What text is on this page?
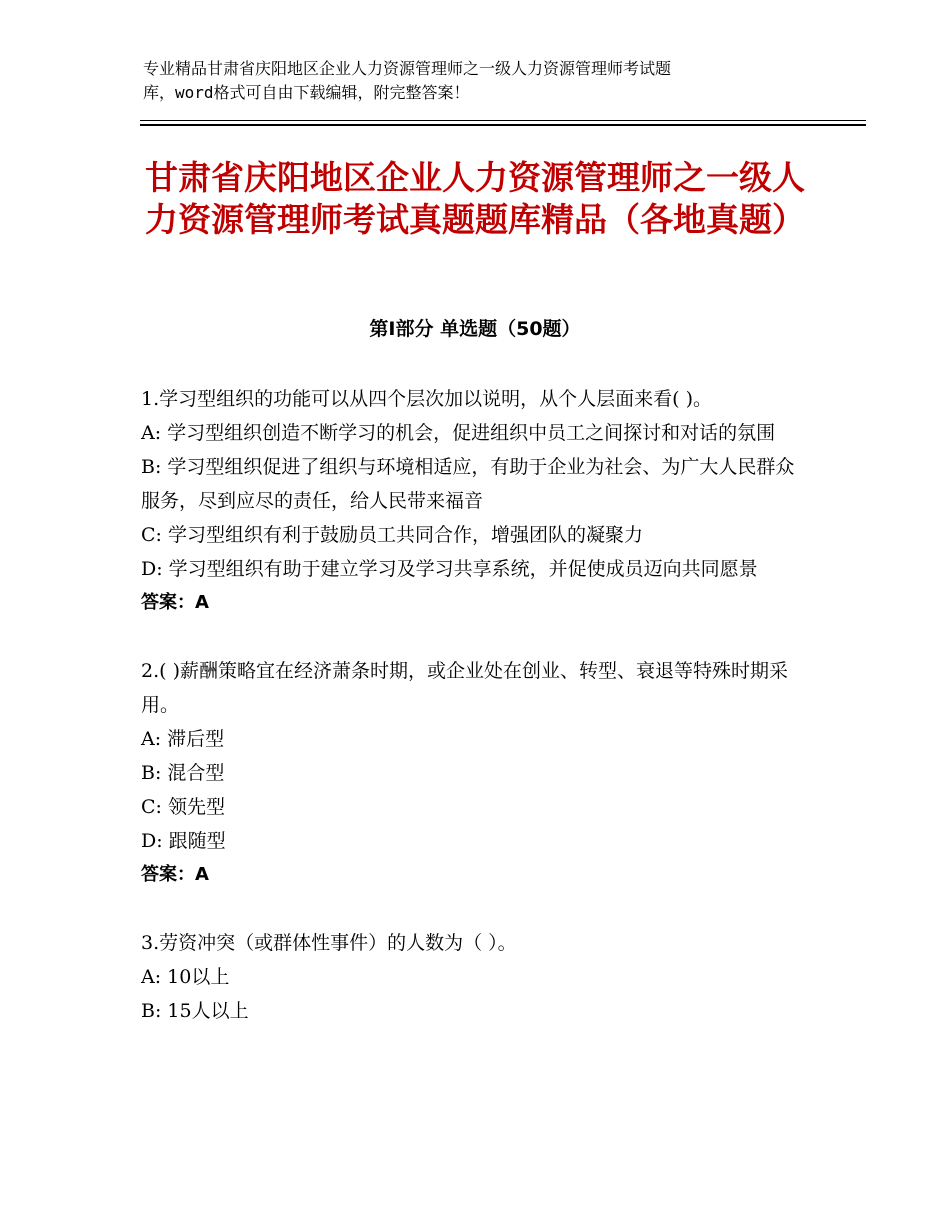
专业精品甘肃省庆阳地区企业人力资源管理师之一级人力资源管理师考试题
库，word格式可自由下载编辑，附完整答案！
甘肃省庆阳地区企业人力资源管理师之一级人力资源管理师考试真题题库精品（各地真题）
第Ⅰ部分 单选题（50题）

1.学习型组织的功能可以从四个层次加以说明，从个人层面来看( )。

A: 学习型组织创造不断学习的机会，促进组织中员工之间探讨和对话的氛围

B: 学习型组织促进了组织与环境相适应，有助于企业为社会、为广大人民群众服务，尽到应尽的责任，给人民带来福音

C: 学习型组织有利于鼓励员工共同合作，增强团队的凝聚力

D: 学习型组织有助于建立学习及学习共享系统，并促使成员迈向共同愿景

答案：A

2.( )薪酬策略宜在经济萧条时期，或企业处在创业、转型、衰退等特殊时期采用。

A: 滞后型

B: 混合型

C: 领先型

D: 跟随型

答案：A

3.劳资冲突（或群体性事件）的人数为（ ）。

A: 10以上

B: 15人以上
